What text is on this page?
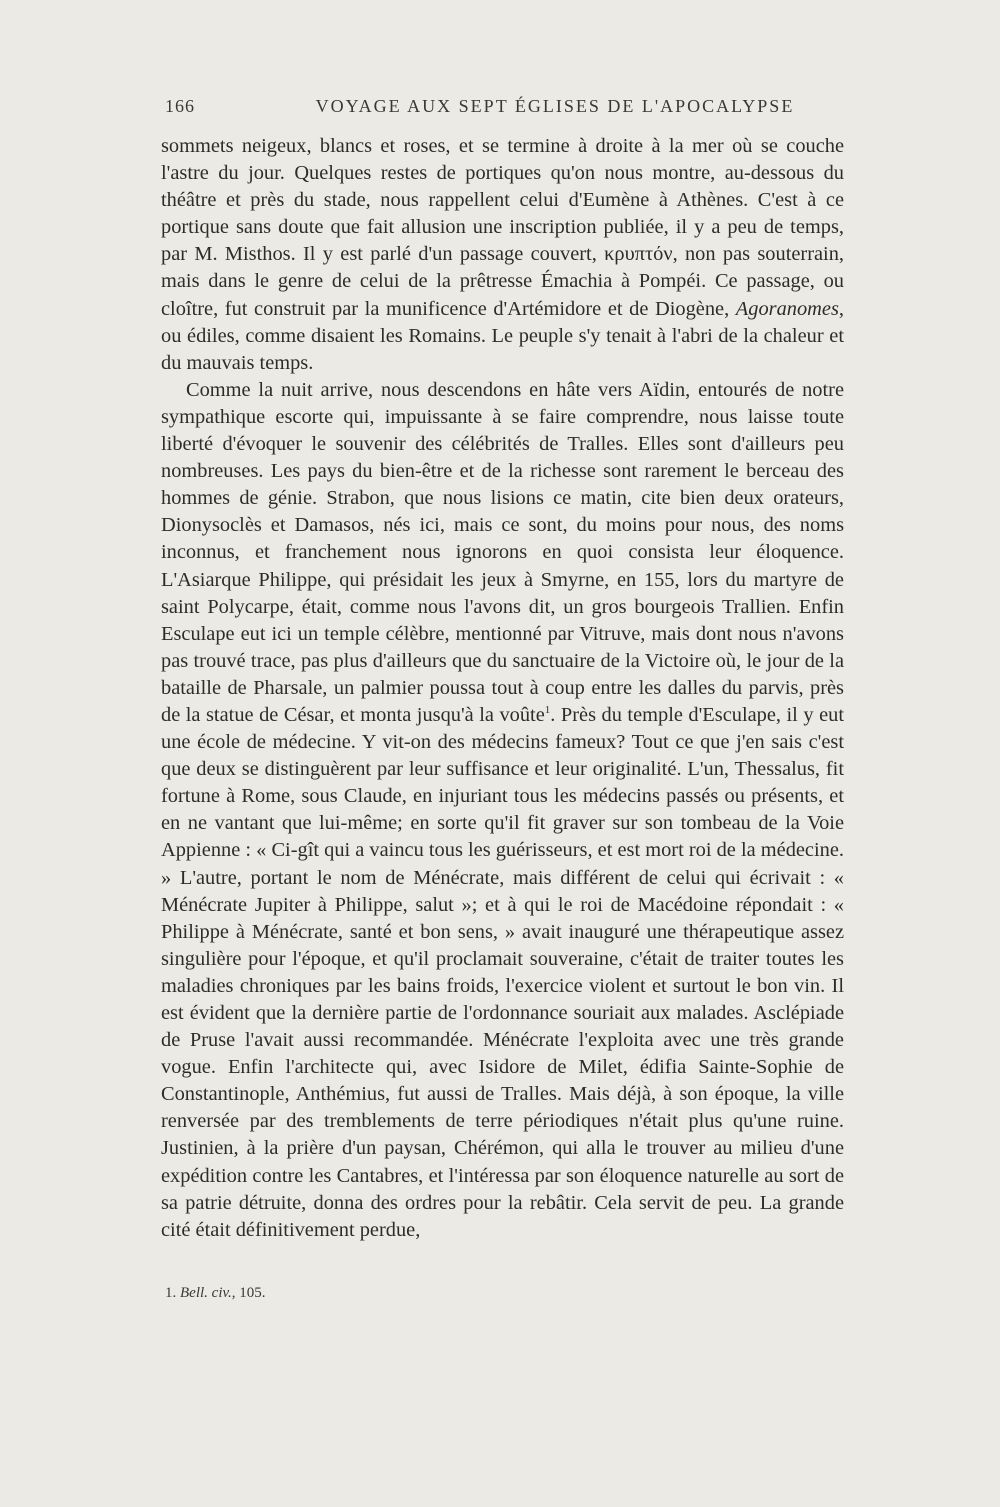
166	VOYAGE AUX SEPT ÉGLISES DE L'APOCALYPSE

sommets neigeux, blancs et roses, et se termine à droite à la mer où se couche l'astre du jour. Quelques restes de portiques qu'on nous montre, au-dessous du théâtre et près du stade, nous rappellent celui d'Eumène à Athènes. C'est à ce portique sans doute que fait allusion une inscription publiée, il y a peu de temps, par M. Misthos. Il y est parlé d'un passage couvert, κρυπτόν, non pas souterrain, mais dans le genre de celui de la prêtresse Émachia à Pompéi. Ce passage, ou cloître, fut construit par la munificence d'Artémidore et de Diogène, Agoranomes, ou édiles, comme disaient les Romains. Le peuple s'y tenait à l'abri de la chaleur et du mauvais temps.

Comme la nuit arrive, nous descendons en hâte vers Aïdin, entourés de notre sympathique escorte qui, impuissante à se faire comprendre, nous laisse toute liberté d'évoquer le souvenir des célébrités de Tralles. Elles sont d'ailleurs peu nombreuses. Les pays du bien-être et de la richesse sont rarement le berceau des hommes de génie. Strabon, que nous lisions ce matin, cite bien deux orateurs, Dionysoclès et Damasos, nés ici, mais ce sont, du moins pour nous, des noms inconnus, et franchement nous ignorons en quoi consista leur éloquence. L'Asiarque Philippe, qui présidait les jeux à Smyrne, en 155, lors du martyre de saint Polycarpe, était, comme nous l'avons dit, un gros bourgeois Trallien. Enfin Esculape eut ici un temple célèbre, mentionné par Vitruve, mais dont nous n'avons pas trouvé trace, pas plus d'ailleurs que du sanctuaire de la Victoire où, le jour de la bataille de Pharsale, un palmier poussa tout à coup entre les dalles du parvis, près de la statue de César, et monta jusqu'à la voûte$^1$. Près du temple d'Esculape, il y eut une école de médecine. Y vit-on des médecins fameux? Tout ce que j'en sais c'est que deux se distinguèrent par leur suffisance et leur originalité. L'un, Thessalus, fit fortune à Rome, sous Claude, en injuriant tous les médecins passés ou présents, et en ne vantant que lui-même; en sorte qu'il fit graver sur son tombeau de la Voie Appienne : « Ci-gît qui a vaincu tous les guérisseurs, et est mort roi de la médecine. » L'autre, portant le nom de Ménécrate, mais différent de celui qui écrivait : « Ménécrate Jupiter à Philippe, salut »; et à qui le roi de Macédoine répondait : « Philippe à Ménécrate, santé et bon sens, » avait inauguré une thérapeutique assez singulière pour l'époque, et qu'il proclamait souveraine, c'était de traiter toutes les maladies chroniques par les bains froids, l'exercice violent et surtout le bon vin. Il est évident que la dernière partie de l'ordonnance souriait aux malades. Asclépiade de Pruse l'avait aussi recommandée. Ménécrate l'exploita avec une très grande vogue. Enfin l'architecte qui, avec Isidore de Milet, édifia Sainte-Sophie de Constantinople, Anthémius, fut aussi de Tralles. Mais déjà, à son époque, la ville renversée par des tremblements de terre périodiques n'était plus qu'une ruine. Justinien, à la prière d'un paysan, Chérémon, qui alla le trouver au milieu d'une expédition contre les Cantabres, et l'intéressa par son éloquence naturelle au sort de sa patrie détruite, donna des ordres pour la rebâtir. Cela servit de peu. La grande cité était définitivement perdue,

1. Bell. civ., 105.
